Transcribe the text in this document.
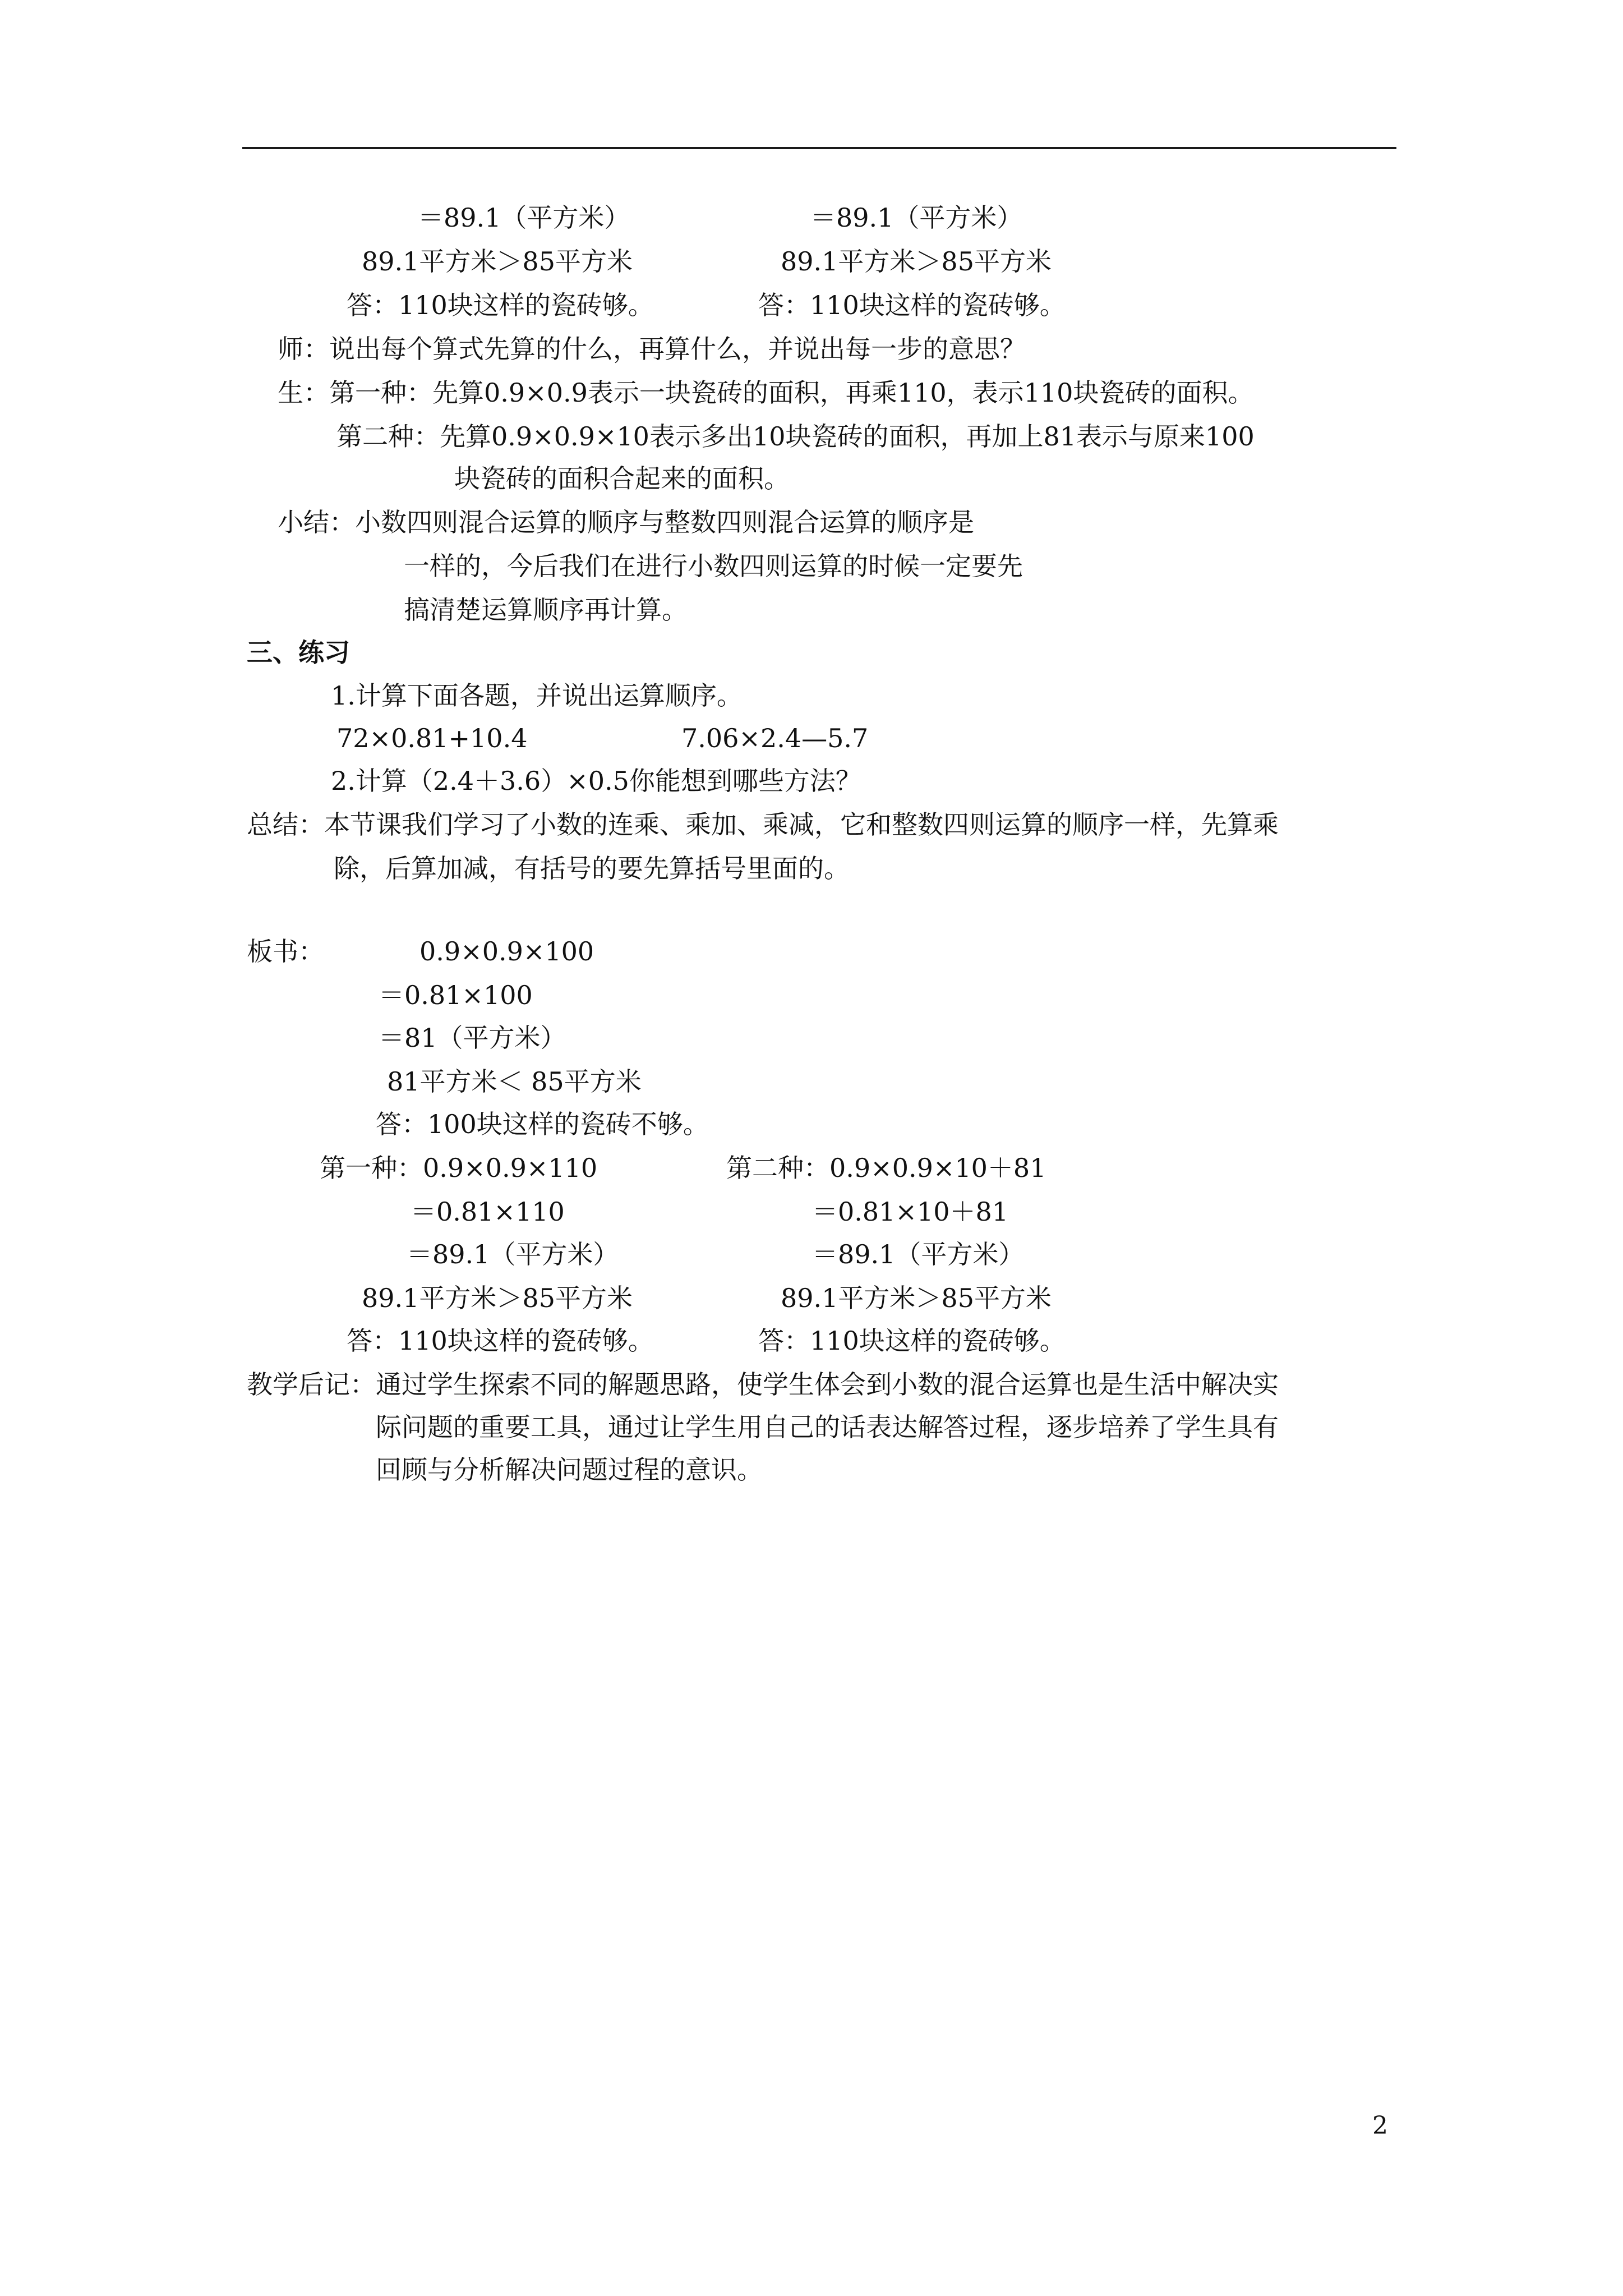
＝89.1（平方米）	＝89.1（平方米）
89.1平方米＞85平方米	89.1平方米＞85平方米
答：110块这样的瓷砖够。	答：110块这样的瓷砖够。
师：说出每个算式先算的什么，再算什么，并说出每一步的意思？
生：第一种：先算0.9×0.9表示一块瓷砖的面积，再乘110，表示110块瓷砖的面积。
第二种：先算0.9×0.9×10表示多出10块瓷砖的面积，再加上81表示与原来100
块瓷砖的面积合起来的面积。
小结：小数四则混合运算的顺序与整数四则混合运算的顺序是
一样的，今后我们在进行小数四则运算的时候一定要先
搞清楚运算顺序再计算。
三、练习
1.计算下面各题，并说出运算顺序。
72×0.81+10.4	7.06×2.4—5.7
2.计算（2.4＋3.6）×0.5你能想到哪些方法？
总结：本节课我们学习了小数的连乘、乘加、乘减，它和整数四则运算的顺序一样，先算乘
除，后算加减，有括号的要先算括号里面的。
板书：	0.9×0.9×100
＝0.81×100
＝81（平方米）
81平方米＜ 85平方米
答：100块这样的瓷砖不够。
第一种：0.9×0.9×110	第二种：0.9×0.9×10＋81
＝0.81×110	＝0.81×10＋81
＝89.1（平方米）	＝89.1（平方米）
89.1平方米＞85平方米	89.1平方米＞85平方米
答：110块这样的瓷砖够。	答：110块这样的瓷砖够。
教学后记：通过学生探索不同的解题思路，使学生体会到小数的混合运算也是生活中解决实
际问题的重要工具，通过让学生用自己的话表达解答过程，逐步培养了学生具有
回顾与分析解决问题过程的意识。
2
